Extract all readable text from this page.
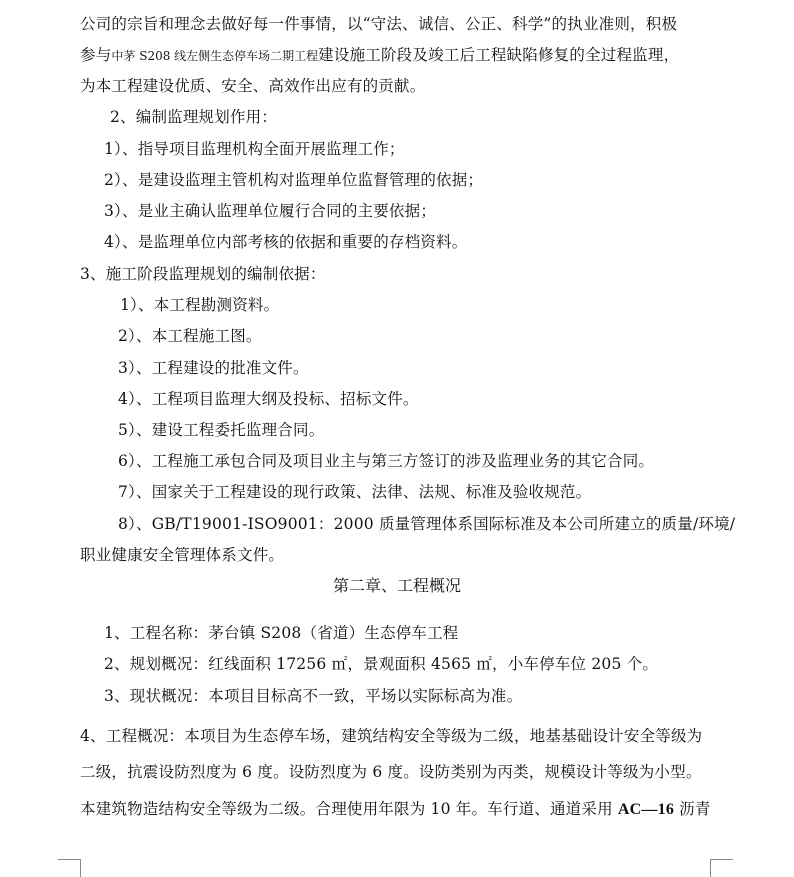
公司的宗旨和理念去做好每一件事情，以“守法、诚信、公正、科学”的执业准则，积极
参与中茅 S208 线左侧生态停车场二期工程建设施工阶段及竣工后工程缺陷修复的全过程监理，
为本工程建设优质、安全、高效作出应有的贡献。
2、编制监理规划作用：
1）、指导项目监理机构全面开展监理工作；
2）、是建设监理主管机构对监理单位监督管理的依据；
3）、是业主确认监理单位履行合同的主要依据；
4）、是监理单位内部考核的依据和重要的存档资料。
3、施工阶段监理规划的编制依据：
1）、本工程勘测资料。
2）、本工程施工图。
3）、工程建设的批准文件。
4）、工程项目监理大纲及投标、招标文件。
5）、建设工程委托监理合同。
6）、工程施工承包合同及项目业主与第三方签订的涉及监理业务的其它合同。
7）、国家关于工程建设的现行政策、法律、法规、标准及验收规范。
8）、GB/T19001-ISO9001：2000 质量管理体系国际标准及本公司所建立的质量/环境/
职业健康安全管理体系文件。
第二章、工程概况
1、工程名称：茅台镇 S208（省道）生态停车工程
2、规划概况：红线面积 17256 ㎡，景观面积 4565 ㎡，小车停车位 205 个。
3、现状概况：本项目目标高不一致，平场以实际标高为准。
4、工程概况：本项目为生态停车场，建筑结构安全等级为二级，地基基础设计安全等级为
二级，抗震设防烈度为 6 度。设防烈度为 6 度。设防类别为丙类，规模设计等级为小型。
本建筑物造结构安全等级为二级。合理使用年限为 10 年。车行道、通道采用 AC—16 沥青
